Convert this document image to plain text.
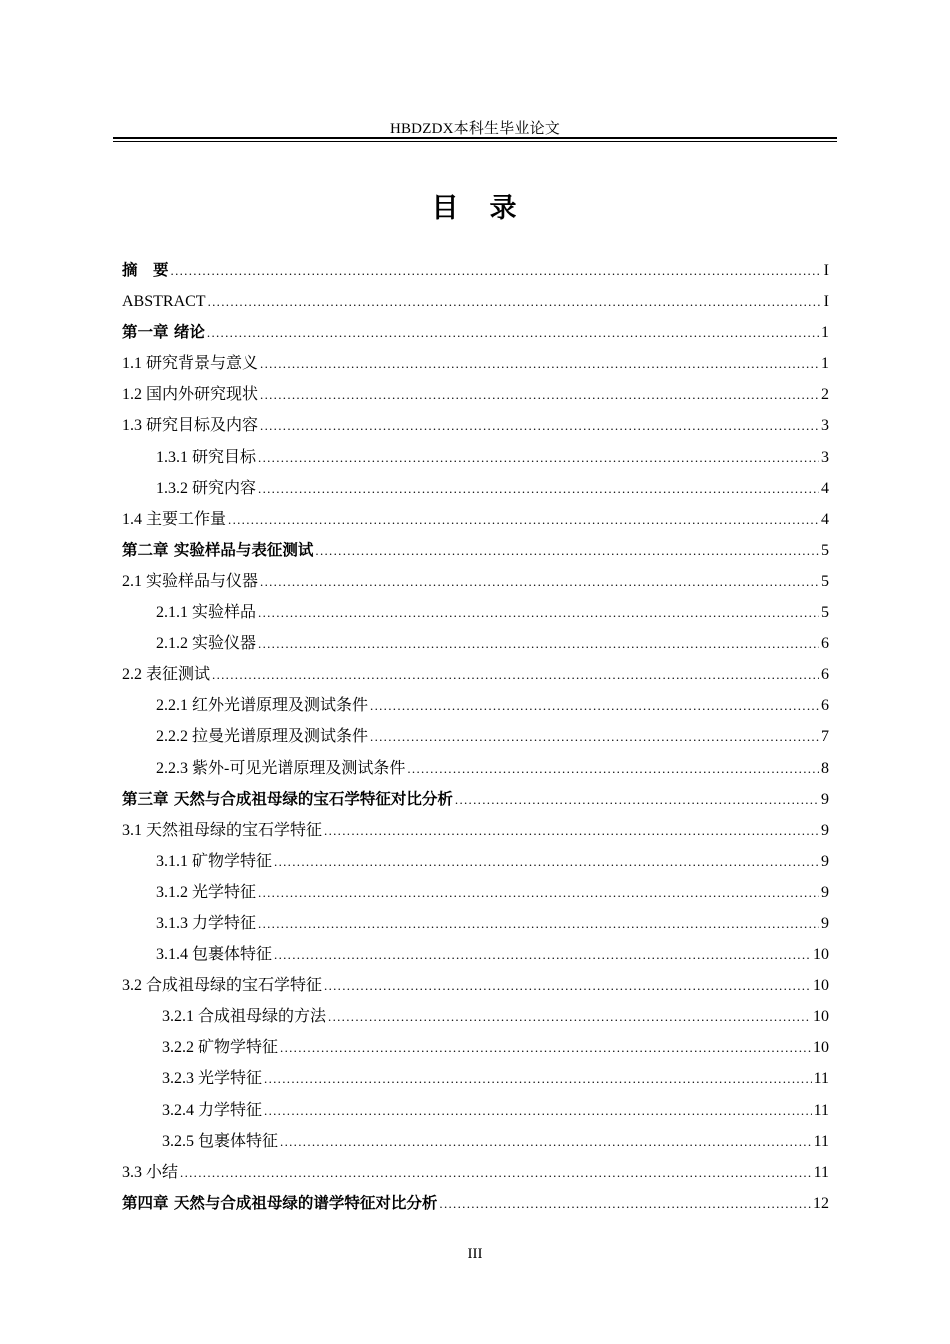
HBDZDX本科生毕业论文
目　录
摘　要 .....	I
ABSTRACT .....	I
第一章 绪论 .....	1
1.1 研究背景与意义 .....	1
1.2 国内外研究现状 .....	2
1.3 研究目标及内容 .....	3
1.3.1 研究目标 .....	3
1.3.2 研究内容 .....	4
1.4 主要工作量 .....	4
第二章 实验样品与表征测试 .....	5
2.1 实验样品与仪器 .....	5
2.1.1 实验样品 .....	5
2.1.2 实验仪器 .....	6
2.2 表征测试 .....	6
2.2.1 红外光谱原理及测试条件 .....	6
2.2.2 拉曼光谱原理及测试条件 .....	7
2.2.3 紫外-可见光谱原理及测试条件 .....	8
第三章 天然与合成祖母绿的宝石学特征对比分析 .....	9
3.1 天然祖母绿的宝石学特征 .....	9
3.1.1 矿物学特征 .....	9
3.1.2 光学特征 .....	9
3.1.3 力学特征 .....	9
3.1.4 包裹体特征 .....	10
3.2 合成祖母绿的宝石学特征 .....	10
3.2.1 合成祖母绿的方法 .....	10
3.2.2 矿物学特征 .....	10
3.2.3 光学特征 .....	11
3.2.4 力学特征 .....	11
3.2.5 包裹体特征 .....	11
3.3 小结 .....	11
第四章 天然与合成祖母绿的谱学特征对比分析 .....	12
III
